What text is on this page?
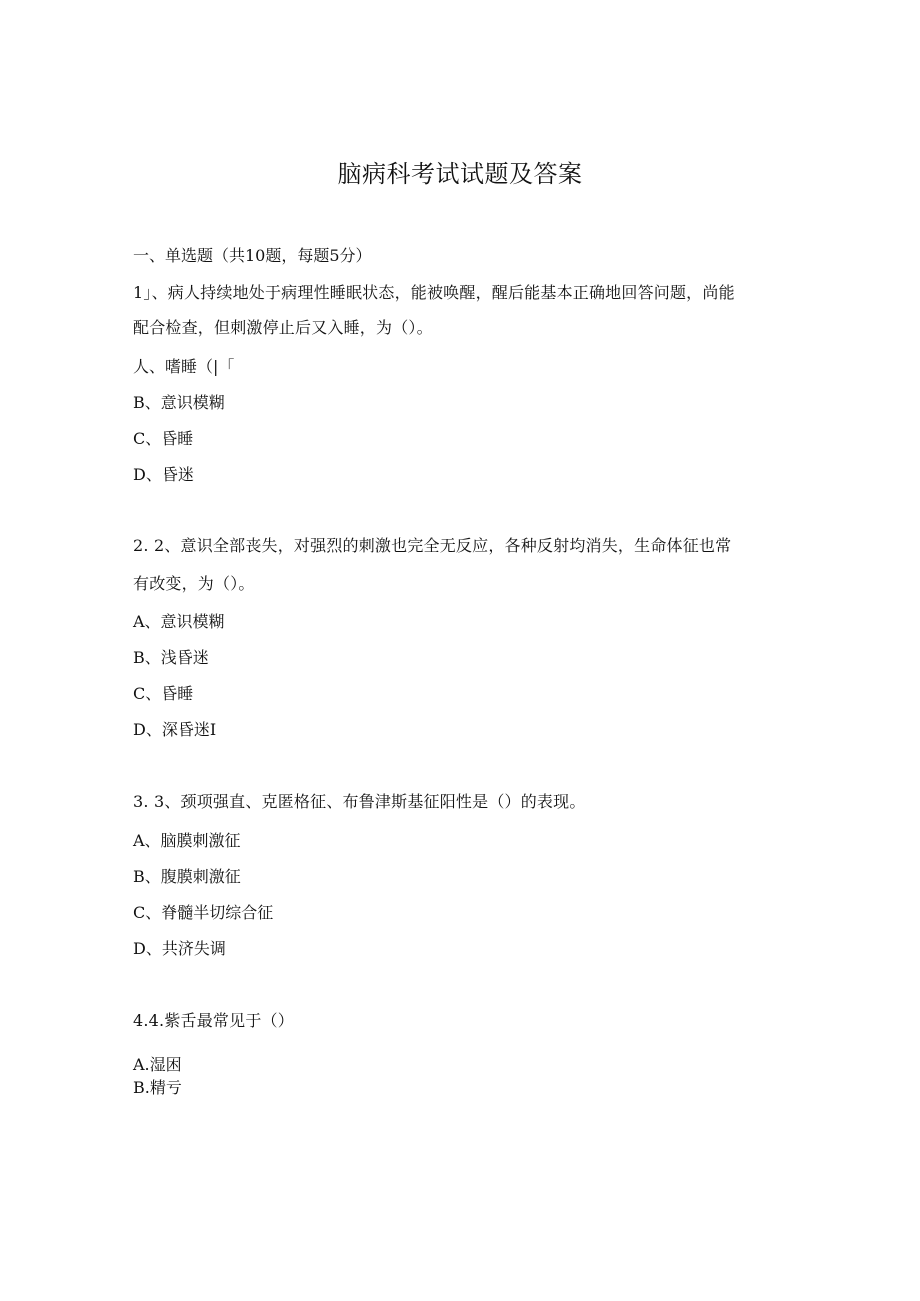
脑病科考试试题及答案
一、单选题（共10题，每题5分）
1」、病人持续地处于病理性睡眠状态，能被唤醒，醒后能基本正确地回答问题，尚能
配合检查，但刺激停止后又入睡，为（）。
人、嗜睡（|「
B、意识模糊
C、昏睡
D、昏迷
2. 2、意识全部丧失，对强烈的刺激也完全无反应，各种反射均消失，生命体征也常
有改变，为（）。
A、意识模糊
B、浅昏迷
C、昏睡
D、深昏迷I
3. 3、颈项强直、克匿格征、布鲁津斯基征阳性是（）的表现。
A、脑膜刺激征
B、腹膜刺激征
C、脊髓半切综合征
D、共济失调
4.4.紫舌最常见于（）
A.湿困
B.精亏
